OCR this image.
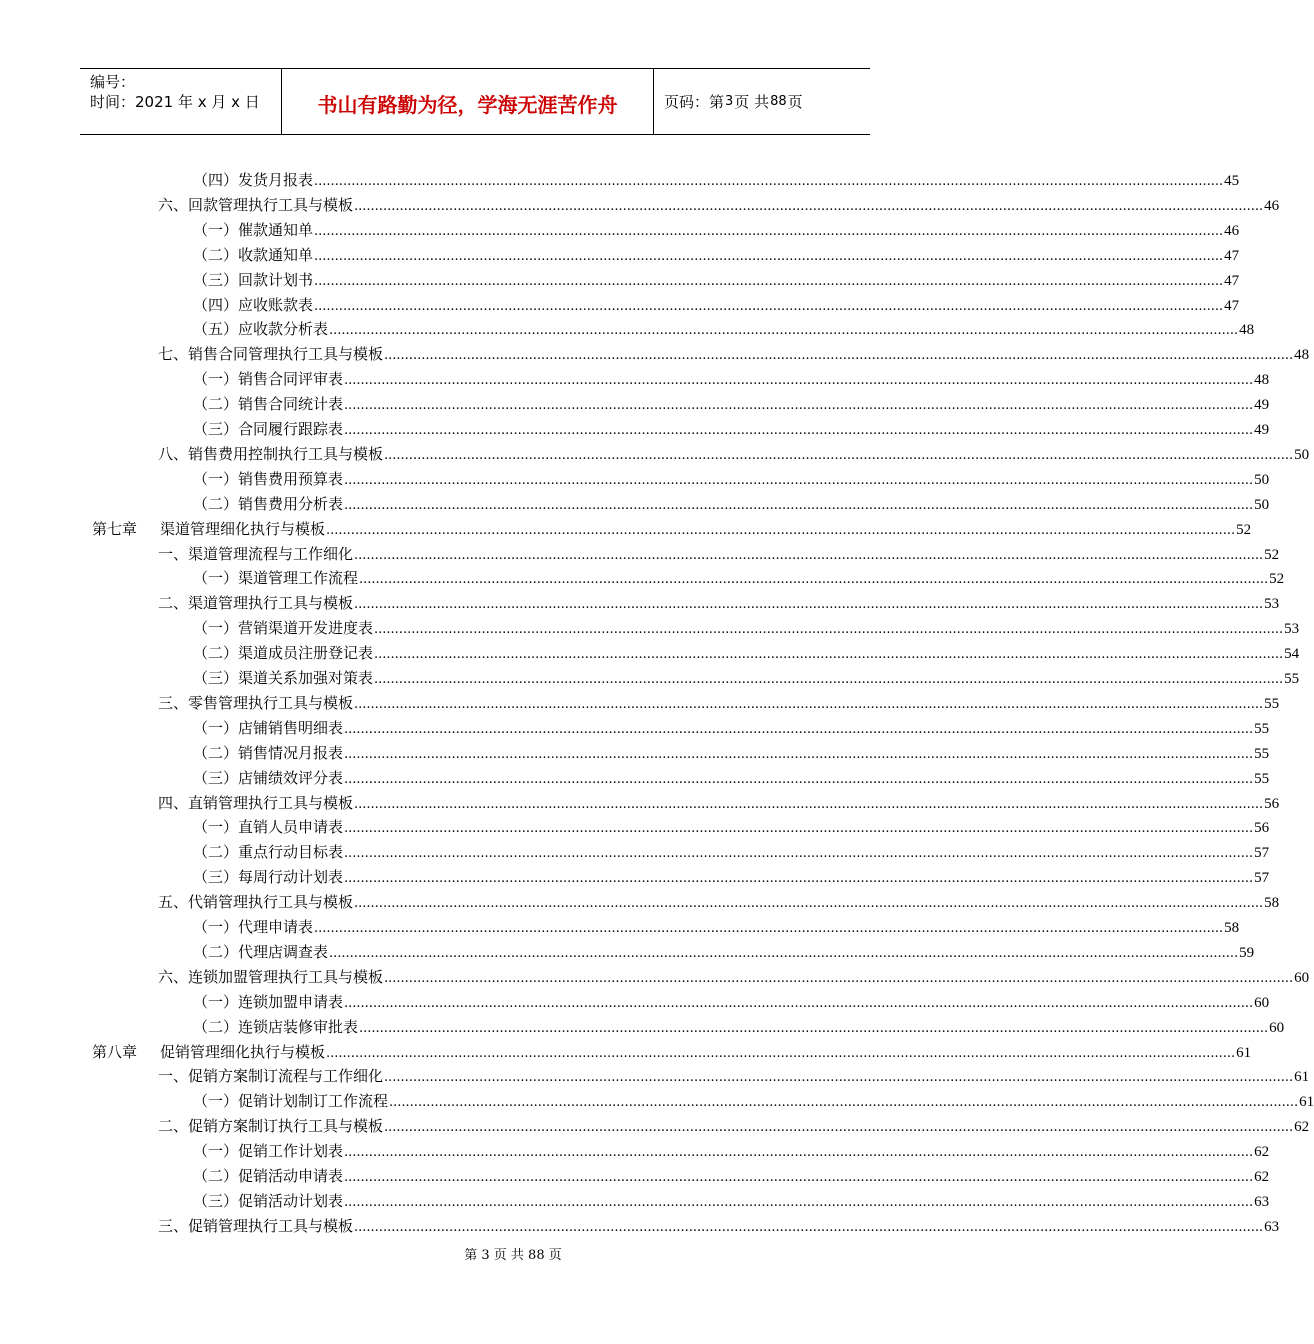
编号：
时间：2021 年 x 月 x 日	书山有路勤为径，学海无涯苦作舟	页码：第 3 页 共 88 页
（四）发货月报表 ............................................................................................................................................................................................................................ 45
六、回款管理执行工具与模板 ............................................................................................................................................................................................................................ 46
（一）催款通知单 ............................................................................................................................................................................................................................ 46
（二）收款通知单 ............................................................................................................................................................................................................................ 47
（三）回款计划书 ............................................................................................................................................................................................................................ 47
（四）应收账款表 ............................................................................................................................................................................................................................ 47
（五）应收款分析表 ............................................................................................................................................................................................................................ 48
七、销售合同管理执行工具与模板 ............................................................................................................................................................................................................................ 48
（一）销售合同评审表 ............................................................................................................................................................................................................................ 48
（二）销售合同统计表 ............................................................................................................................................................................................................................ 49
（三）合同履行跟踪表 ............................................................................................................................................................................................................................ 49
八、销售费用控制执行工具与模板 ............................................................................................................................................................................................................................ 50
（一）销售费用预算表 ............................................................................................................................................................................................................................ 50
（二）销售费用分析表 ............................................................................................................................................................................................................................ 50
第七章 渠道管理细化执行与模板 ............................................................................................................................................................................................................................ 52
一、渠道管理流程与工作细化 ............................................................................................................................................................................................................................ 52
（一）渠道管理工作流程 ............................................................................................................................................................................................................................ 52
二、渠道管理执行工具与模板 ............................................................................................................................................................................................................................ 53
（一）营销渠道开发进度表 ............................................................................................................................................................................................................................ 53
（二）渠道成员注册登记表 ............................................................................................................................................................................................................................ 54
（三）渠道关系加强对策表 ............................................................................................................................................................................................................................ 55
三、零售管理执行工具与模板 ............................................................................................................................................................................................................................ 55
（一）店铺销售明细表 ............................................................................................................................................................................................................................ 55
（二）销售情况月报表 ............................................................................................................................................................................................................................ 55
（三）店铺绩效评分表 ............................................................................................................................................................................................................................ 55
四、直销管理执行工具与模板 ............................................................................................................................................................................................................................ 56
（一）直销人员申请表 ............................................................................................................................................................................................................................ 56
（二）重点行动目标表 ............................................................................................................................................................................................................................ 57
（三）每周行动计划表 ............................................................................................................................................................................................................................ 57
五、代销管理执行工具与模板 ............................................................................................................................................................................................................................ 58
（一）代理申请表 ............................................................................................................................................................................................................................ 58
（二）代理店调查表 ............................................................................................................................................................................................................................ 59
六、连锁加盟管理执行工具与模板 ............................................................................................................................................................................................................................ 60
（一）连锁加盟申请表 ............................................................................................................................................................................................................................ 60
（二）连锁店装修审批表 ............................................................................................................................................................................................................................ 60
第八章 促销管理细化执行与模板 ............................................................................................................................................................................................................................ 61
一、促销方案制订流程与工作细化 ............................................................................................................................................................................................................................ 61
（一）促销计划制订工作流程 ............................................................................................................................................................................................................................ 61
二、促销方案制订执行工具与模板 ............................................................................................................................................................................................................................ 62
（一）促销工作计划表 ............................................................................................................................................................................................................................ 62
（二）促销活动申请表 ............................................................................................................................................................................................................................ 62
（三）促销活动计划表 ............................................................................................................................................................................................................................ 63
三、促销管理执行工具与模板 ............................................................................................................................................................................................................................ 63
第 3 页 共 88 页
